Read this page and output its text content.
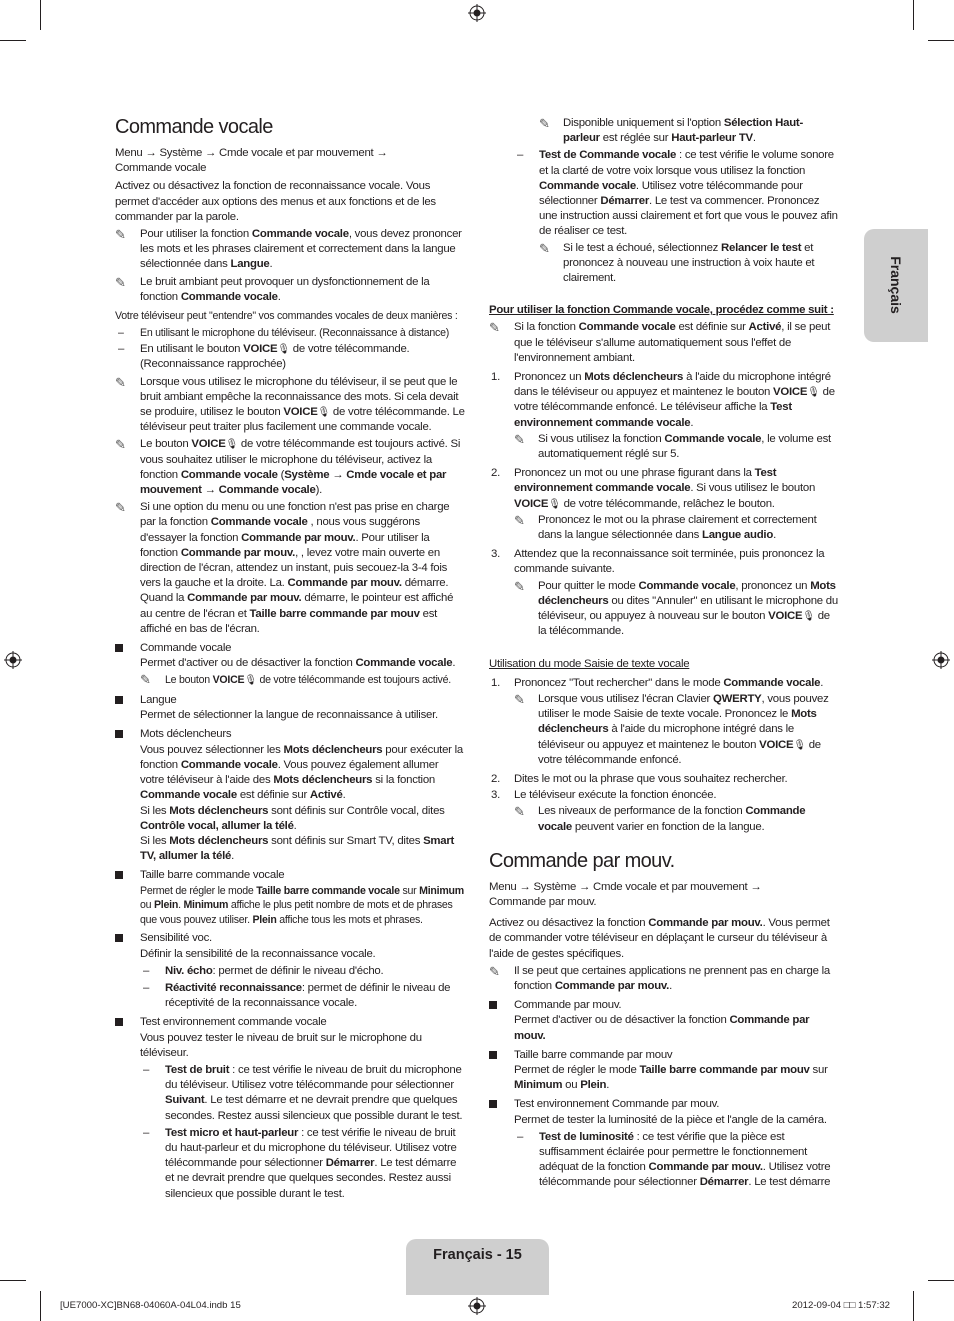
Français
Commande vocale

Menu → Système → Cmde vocale et par mouvement → Commande vocale

Activez ou désactivez la fonction de reconnaissance vocale. Vous permet d'accéder aux options des menus et aux fonctions et de les commander par la parole.

✎ Pour utiliser la fonction Commande vocale, vous devez prononcer les mots et les phrases clairement et correctement dans la langue sélectionnée dans Langue.
✎ Le bruit ambiant peut provoquer un dysfonctionnement de la fonction Commande vocale.

Votre téléviseur peut "entendre" vos commandes vocales de deux manières :

– En utilisant le microphone du téléviseur. (Reconnaissance à distance)
– En utilisant le bouton VOICE🎙 de votre télécommande. (Reconnaissance rapprochée)
✎ Lorsque vous utilisez le microphone du téléviseur, il se peut que le bruit ambiant empêche la reconnaissance des mots. Si cela devait se produire, utilisez le bouton VOICE🎙 de votre télécommande. Le téléviseur peut traiter plus facilement une commande vocale.
✎ Le bouton VOICE🎙 de votre télécommande est toujours activé. Si vous souhaitez utiliser le microphone du téléviseur, activez la fonction Commande vocale (Système → Cmde vocale et par mouvement → Commande vocale).
✎ Si une option du menu ou une fonction n'est pas prise en charge par la fonction Commande vocale , nous vous suggérons d'essayer la fonction Commande par mouv.. Pour utiliser la fonction Commande par mouv., , levez votre main ouverte en direction de l'écran, attendez un instant, puis secouez-la 3-4 fois vers la gauche et la droite. La. Commande par mouv. démarre. Quand la Commande par mouv. démarre, le pointeur est affiché au centre de l'écran et Taille barre commande par mouv est affiché en bas de l'écran.
Commande vocale

Permet d'activer ou de désactiver la fonction Commande vocale.

✎ Le bouton VOICE🎙 de votre télécommande est toujours activé.
Langue

Permet de sélectionner la langue de reconnaissance à utiliser.

Mots déclencheurs

Vous pouvez sélectionner les Mots déclencheurs pour exécuter la fonction Commande vocale. Vous pouvez également allumer votre téléviseur à l'aide des Mots déclencheurs si la fonction Commande vocale est définie sur Activé.

Si les Mots déclencheurs sont définis sur Contrôle vocal, dites Contrôle vocal, allumer la télé.

Si les Mots déclencheurs sont définis sur Smart TV, dites Smart TV, allumer la télé.

Taille barre commande vocale

Permet de régler le mode Taille barre commande vocale sur Minimum ou Plein. Minimum affiche le plus petit nombre de mots et de phrases que vous pouvez utiliser. Plein affiche tous les mots et phrases.

Sensibilité voc.

Définir la sensibilité de la reconnaissance vocale.

– Niv. écho: permet de définir le niveau d'écho.
– Réactivité reconnaissance: permet de définir le niveau de réceptivité de la reconnaissance vocale.
Test environnement commande vocale

Vous pouvez tester le niveau de bruit sur le microphone du téléviseur.

– Test de bruit : ce test vérifie le niveau de bruit du microphone du téléviseur. Utilisez votre télécommande pour sélectionner Suivant. Le test démarre et ne devrait prendre que quelques secondes. Restez aussi silencieux que possible durant le test.
– Test micro et haut-parleur : ce test vérifie le niveau de bruit du haut-parleur et du microphone du téléviseur. Utilisez votre télécommande pour sélectionner Démarrer. Le test démarre et ne devrait prendre que quelques secondes. Restez aussi silencieux que possible durant le test.
✎ Disponible uniquement si l'option Sélection Haut-parleur est réglée sur Haut-parleur TV.
– Test de Commande vocale : ce test vérifie le volume sonore et la clarté de votre voix lorsque vous utilisez la fonction Commande vocale. Utilisez votre télécommande pour sélectionner Démarrer. Le test va commencer. Prononcez une instruction aussi clairement et fort que vous le pouvez afin de réaliser ce test.
✎ Si le test a échoué, sélectionnez Relancer le test et prononcez à nouveau une instruction à voix haute et clairement.

Pour utiliser la fonction Commande vocale, procédez comme suit :

✎ Si la fonction Commande vocale est définie sur Activé, il se peut que le téléviseur s'allume automatiquement sous l'effet de l'environnement ambiant.
1. Prononcez un Mots déclencheurs à l'aide du microphone intégré dans le téléviseur ou appuyez et maintenez le bouton VOICE🎙 de votre télécommande enfoncé. Le téléviseur affiche la Test environnement commande vocale.
✎ Si vous utilisez la fonction Commande vocale, le volume est automatiquement réglé sur 5.
2. Prononcez un mot ou une phrase figurant dans la Test environnement commande vocale. Si vous utilisez le bouton VOICE🎙 de votre télécommande, relâchez le bouton.
✎ Prononcez le mot ou la phrase clairement et correctement dans la langue sélectionnée dans Langue audio.
3. Attendez que la reconnaissance soit terminée, puis prononcez la commande suivante.
✎ Pour quitter le mode Commande vocale, prononcez un Mots déclencheurs ou dites "Annuler" en utilisant le microphone du téléviseur, ou appuyez à nouveau sur le bouton VOICE🎙 de la télécommande.

Utilisation du mode Saisie de texte vocale

1. Prononcez "Tout rechercher" dans le mode Commande vocale.
✎ Lorsque vous utilisez l'écran Clavier QWERTY, vous pouvez utiliser le mode Saisie de texte vocale. Prononcez le Mots déclencheurs à l'aide du microphone intégré dans le téléviseur ou appuyez et maintenez le bouton VOICE🎙 de votre télécommande enfoncé.
2. Dites le mot ou la phrase que vous souhaitez rechercher.
3. Le téléviseur exécute la fonction énoncée.
✎ Les niveaux de performance de la fonction Commande vocale peuvent varier en fonction de la langue.
Commande par mouv.

Menu → Système → Cmde vocale et par mouvement → Commande par mouv.

Activez ou désactivez la fonction Commande par mouv.. Vous permet de commander votre téléviseur en déplaçant le curseur du téléviseur à l'aide de gestes spécifiques.

✎ Il se peut que certaines applications ne prennent pas en charge la fonction Commande par mouv..
Commande par mouv.

Permet d'activer ou de désactiver la fonction Commande par mouv.

Taille barre commande par mouv

Permet de régler le mode Taille barre commande par mouv sur Minimum ou Plein.

Test environnement Commande par mouv.

Permet de tester la luminosité de la pièce et l'angle de la caméra.

– Test de luminosité : ce test vérifie que la pièce est suffisamment éclairée pour permettre le fonctionnement adéquat de la fonction Commande par mouv.. Utilisez votre télécommande pour sélectionner Démarrer. Le test démarre
Français - 15
[UE7000-XC]BN68-04060A-04L04.indb 15	2012-09-04 □□ 1:57:32
